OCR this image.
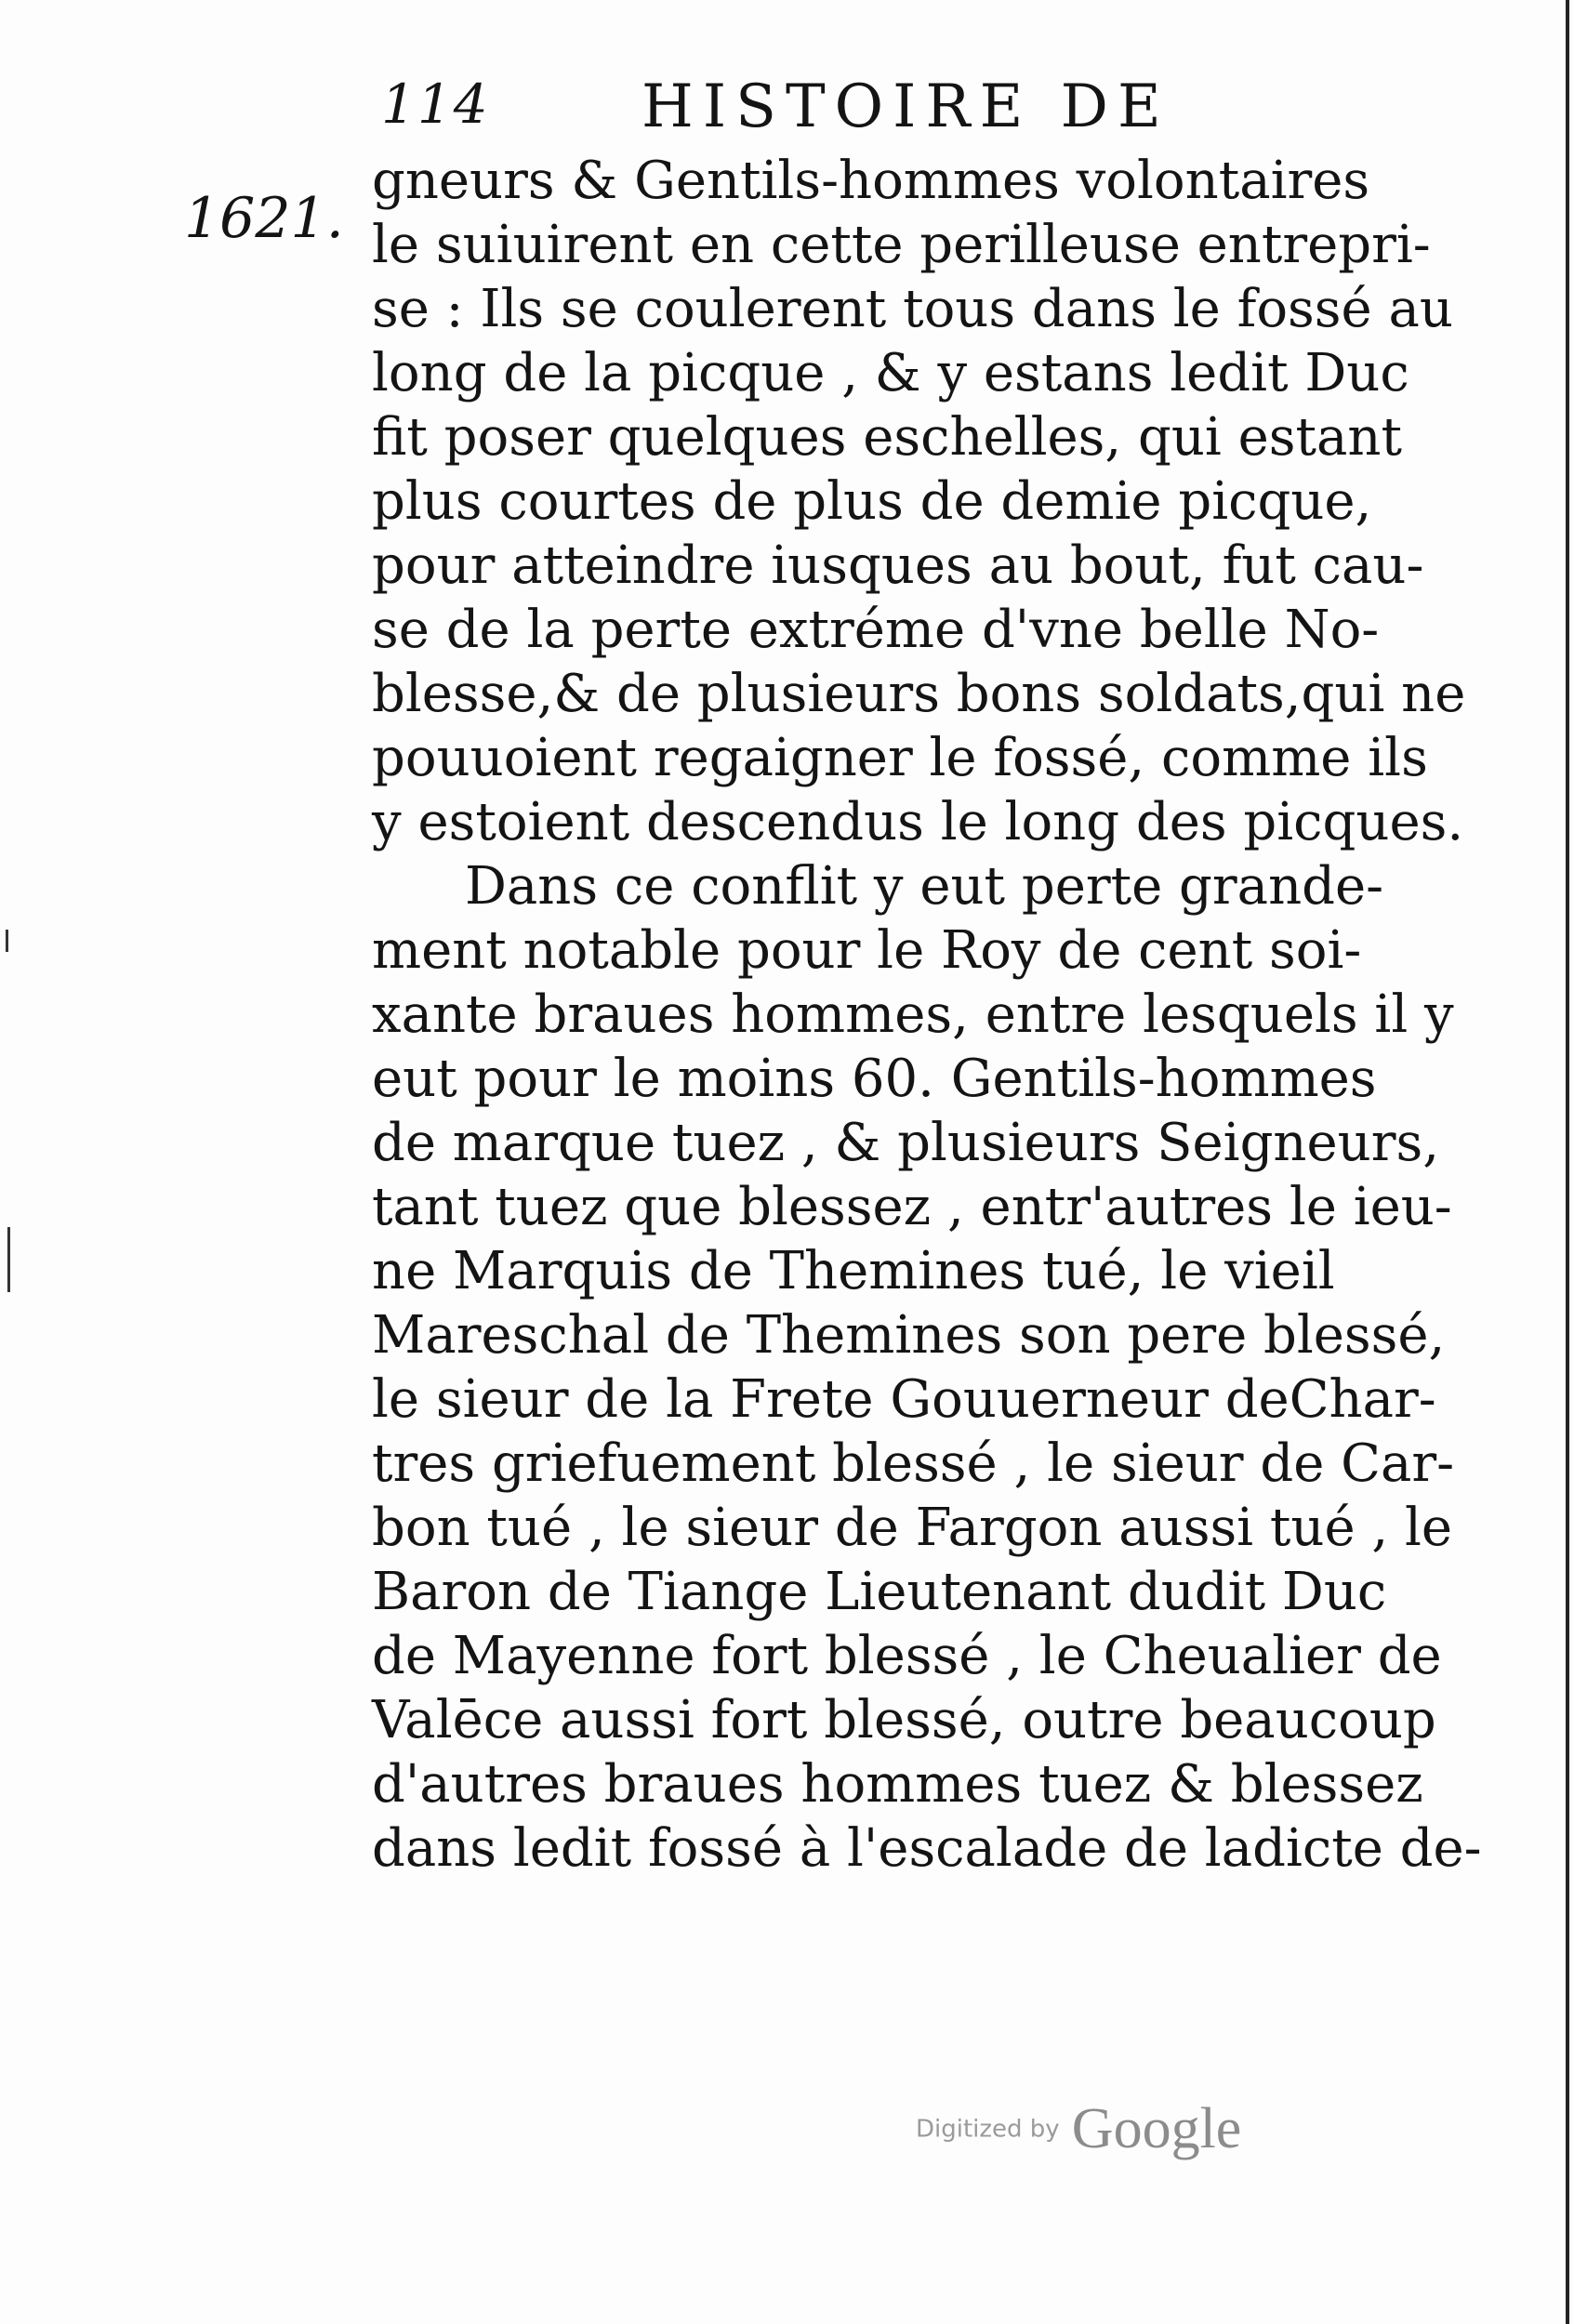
114	HISTOIRE DE
1621.
gneurs & Gentils-hommes volontaires
le suiuirent en cette perilleuse entrepri-
se : Ils se coulerent tous dans le fossé au
long de la picque , & y estans ledit Duc
fit poser quelques eschelles, qui estant
plus courtes de plus de demie picque,
pour atteindre iusques au bout, fut cau-
se de la perte extréme d'vne belle No-
blesse,& de plusieurs bons soldats,qui ne
pouuoient regaigner le fossé, comme ils
y estoient descendus le long des picques.
Dans ce conflit y eut perte grande-
ment notable pour le Roy de cent soi-
xante braues hommes, entre lesquels il y
eut pour le moins 60. Gentils-hommes
de marque tuez , & plusieurs Seigneurs,
tant tuez que blessez , entr'autres le ieu-
ne Marquis de Themines tué, le vieil
Mareschal de Themines son pere blessé,
le sieur de la Frete Gouuerneur deChar-
tres griefuement blessé , le sieur de Car-
bon tué , le sieur de Fargon aussi tué , le
Baron de Tiange Lieutenant dudit Duc
de Mayenne fort blessé , le Cheualier de
Valēce aussi fort blessé, outre beaucoup
d'autres braues hommes tuez & blessez
dans ledit fossé à l'escalade de ladicte de-
Digitized by Google
